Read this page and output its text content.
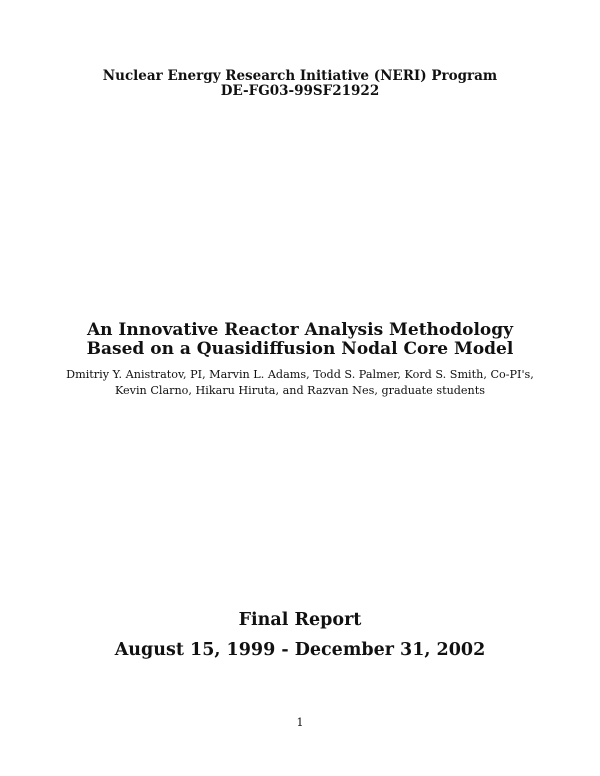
Nuclear Energy Research Initiative (NERI) Program
DE-FG03-99SF21922
An Innovative Reactor Analysis Methodology
Based on a Quasidiffusion Nodal Core Model
Dmitriy Y. Anistratov, PI, Marvin L. Adams, Todd S. Palmer, Kord S. Smith, Co-PI's,
Kevin Clarno, Hikaru Hiruta, and Razvan Nes, graduate students
Final Report
August 15, 1999 - December 31, 2002
1
